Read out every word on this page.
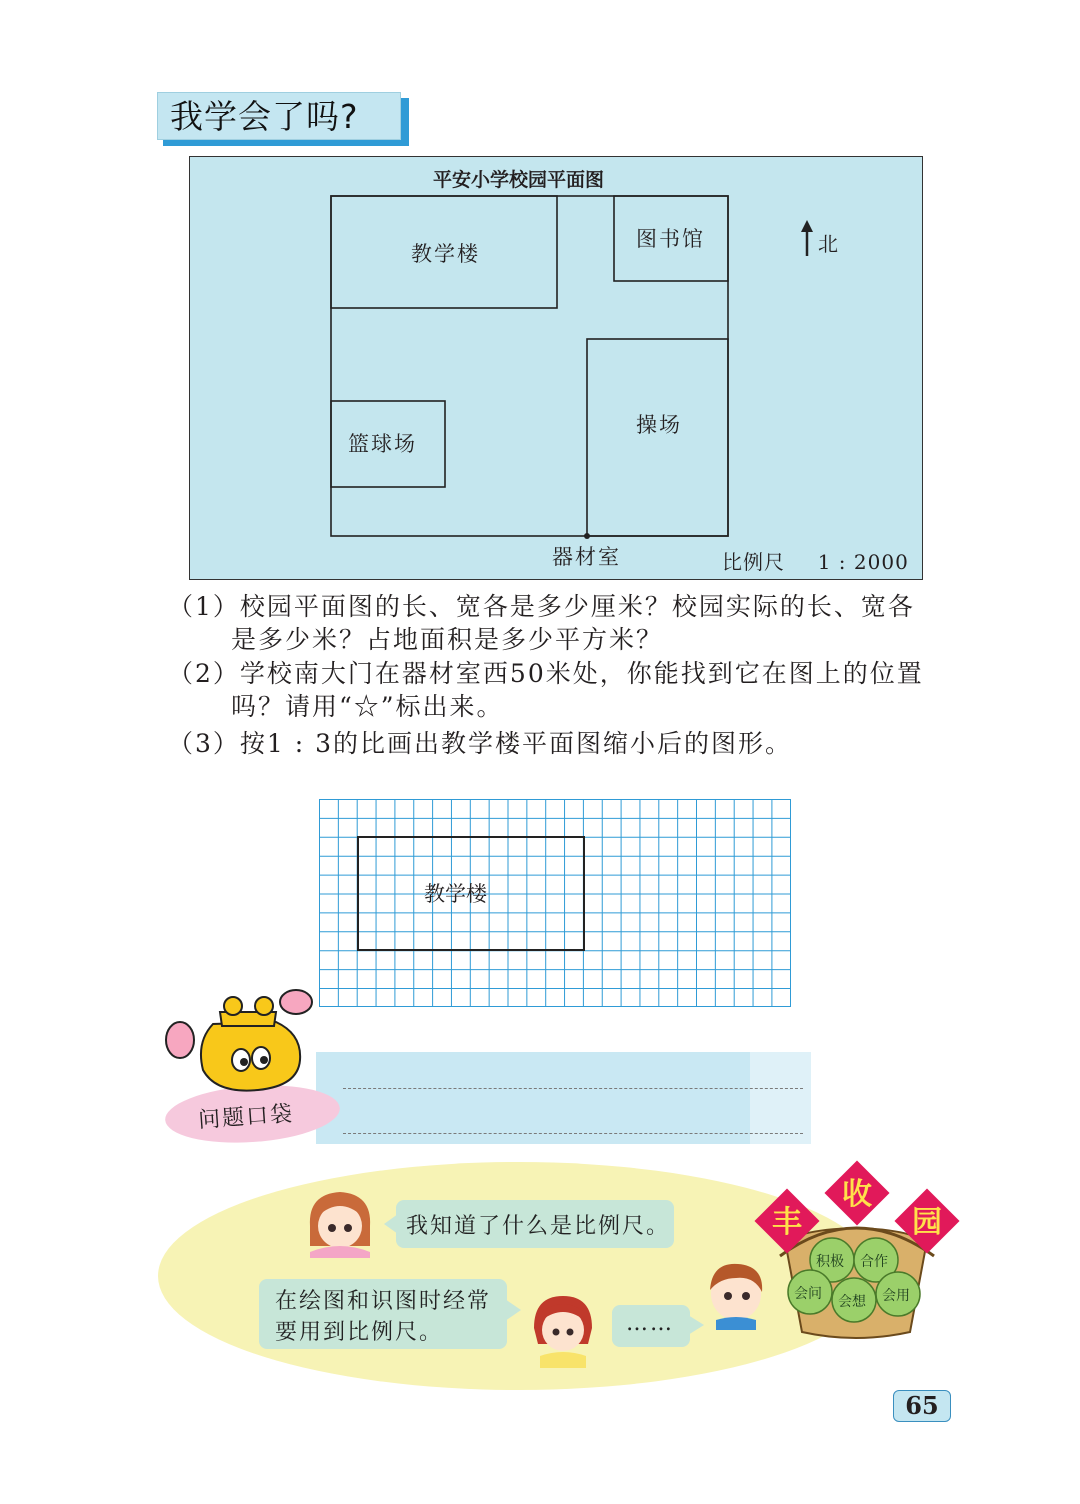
我学会了吗?
平安小学校园平面图
教学楼
图书馆
篮球场
操场
器材室
北
比例尺 1 : 2000
（1）校园平面图的长、宽各是多少厘米？校园实际的长、宽各
是多少米？占地面积是多少平方米？
（2）学校南大门在器材室西50米处，你能找到它在图上的位置
吗？请用“☆”标出来。
（3）按1 : 3的比画出教学楼平面图缩小后的图形。
教学楼
问题口袋
我知道了什么是比例尺。
在绘图和识图时经常
要用到比例尺。	……
积极 合作
会问 会想 会用
丰
收
园
65
